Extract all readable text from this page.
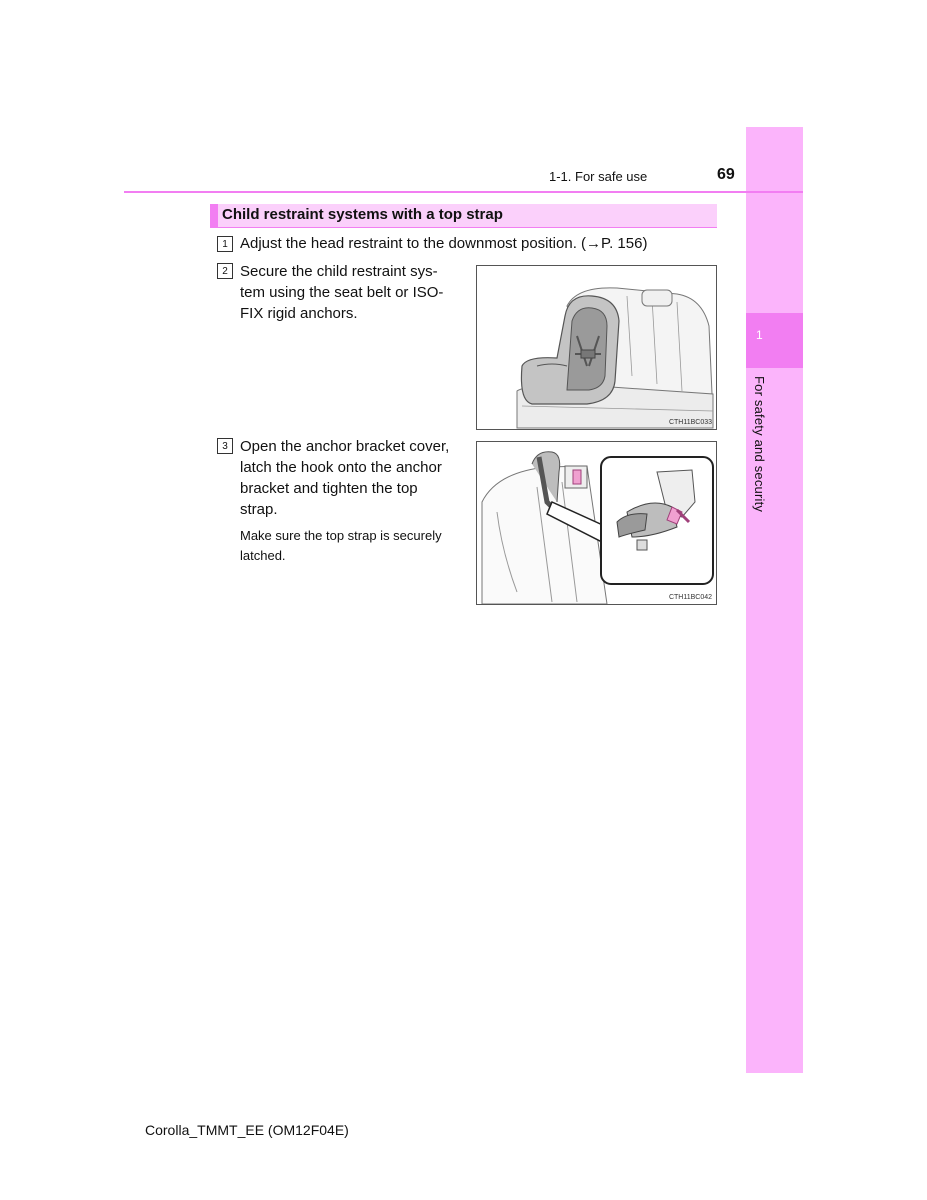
1
For safety and security
1-1. For safe use	69
Child restraint systems with a top strap
1 Adjust the head restraint to the downmost position. (→P. 156)
2 Secure the child restraint sys-
tem using the seat belt or ISO-
FIX rigid anchors.
CTH11BC033
3 Open the anchor bracket cover,
latch the hook onto the anchor
bracket and tighten the top
strap.
Make sure the top strap is securely latched.
CTH11BC042
Corolla_TMMT_EE (OM12F04E)
